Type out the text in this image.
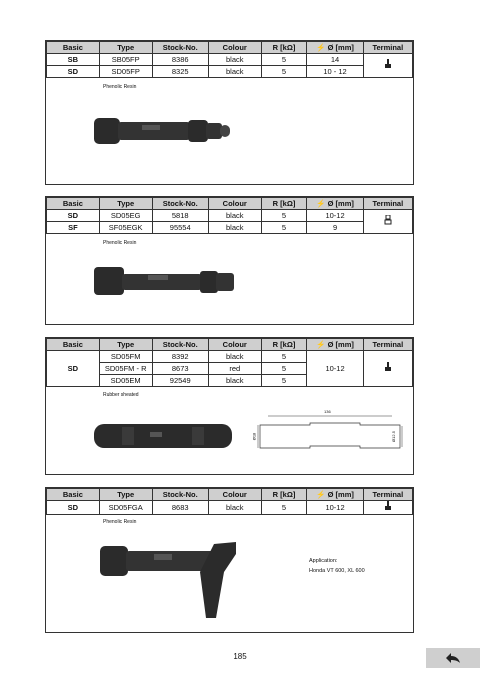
Basic	Type	Stock-No.	Colour	R [kΩ]	⚡ Ø [mm]	Terminal
SB	SB05FP	8386	black	5	14	
SD	SD05FP	8325	black	5	10 - 12	
Phenolic Resin
Basic	Type	Stock-No.	Colour	R [kΩ]	⚡ Ø [mm]	Terminal
SD	SD05EG	5818	black	5	10-12	
SF	SF05EGK	95554	black	5	9	
Phenolic Resin
Basic	Type	Stock-No.	Colour	R [kΩ]	⚡ Ø [mm]	Terminal
SD	SD05FM	8392	black	5	10-12	
	SD05FM - R	8673	red	5		
	SD05EM	92549	black	5		
Rubber sheated
136
Ø18	Ø12.5
Basic	Type	Stock-No.	Colour	R [kΩ]	⚡ Ø [mm]	Terminal
SD	SD05FGA	8683	black	5	10-12	
Phenolic Resin
Application:
Honda VT 600, XL 600
185
